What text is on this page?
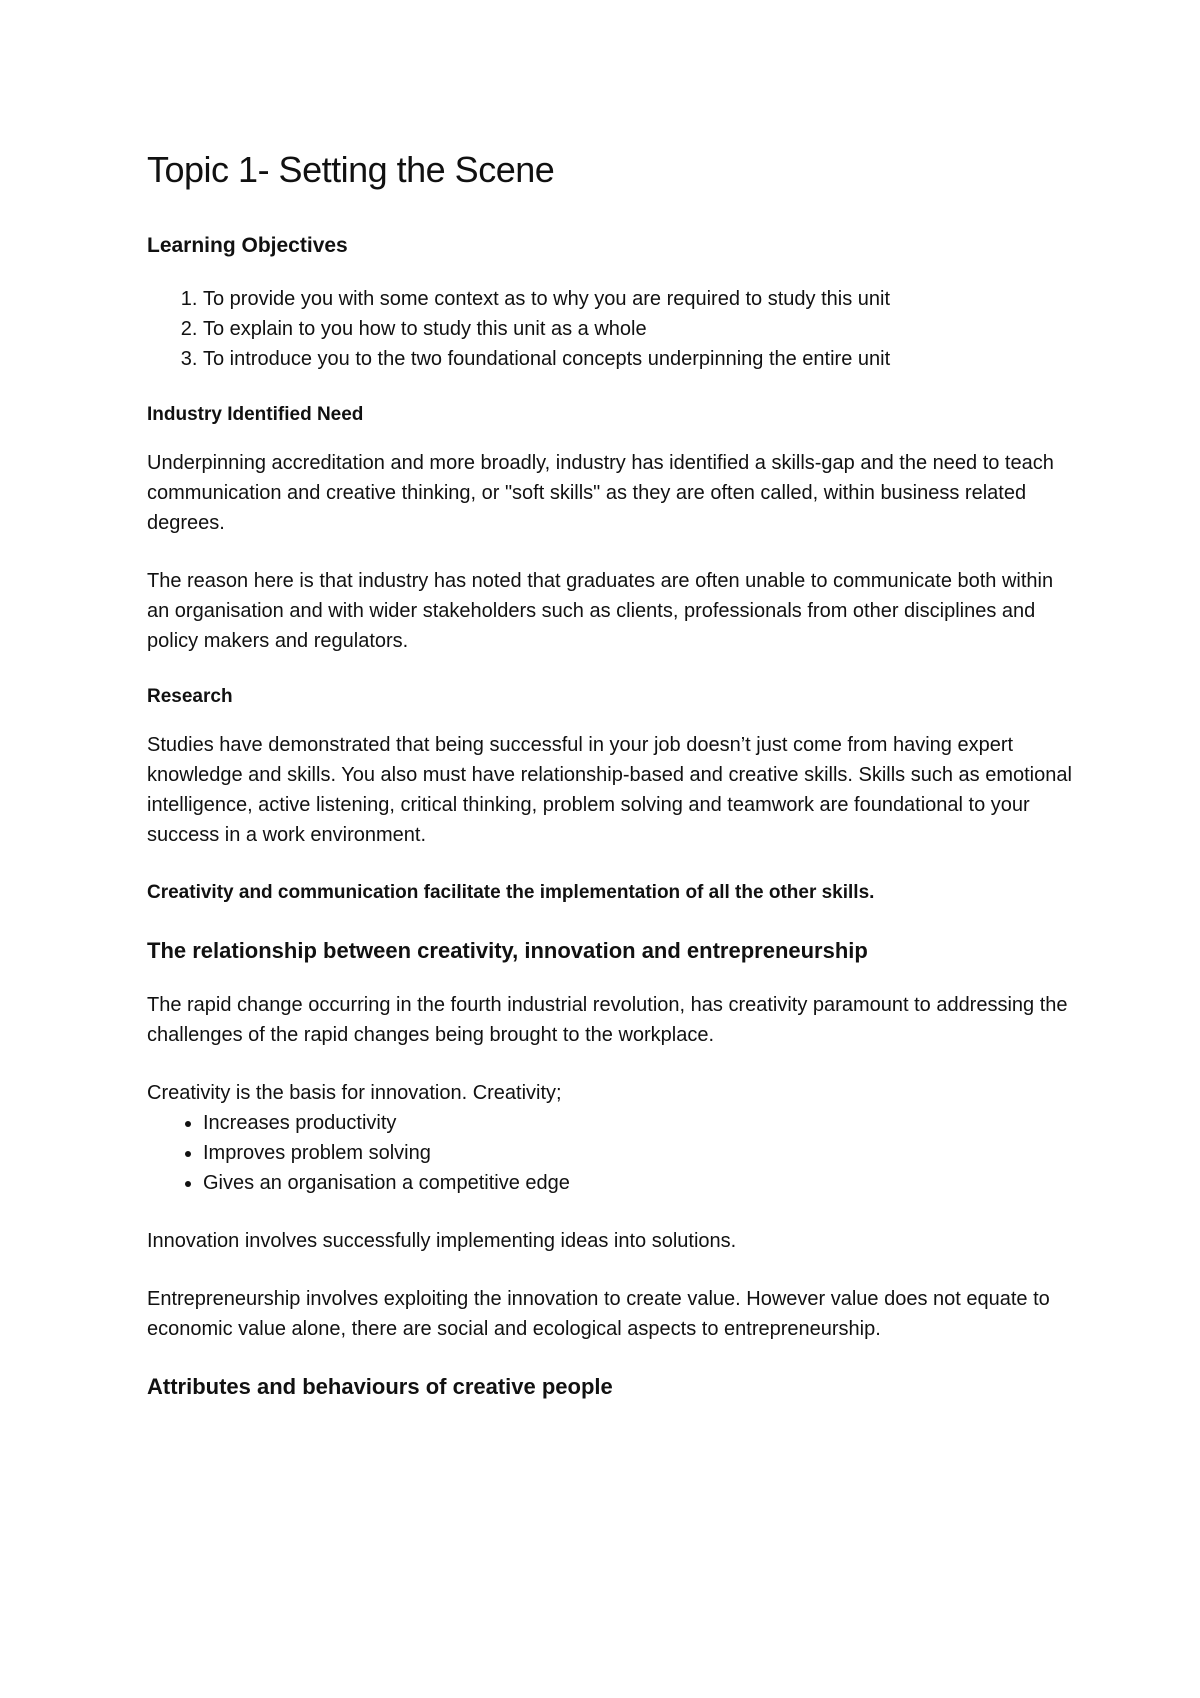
Topic 1- Setting the Scene
Learning Objectives
1. To provide you with some context as to why you are required to study this unit
2. To explain to you how to study this unit as a whole
3. To introduce you to the two foundational concepts underpinning the entire unit
Industry Identified Need

Underpinning accreditation and more broadly, industry has identified a skills-gap and the need to teach communication and creative thinking, or "soft skills" as they are often called, within business related degrees.

The reason here is that industry has noted that graduates are often unable to communicate both within an organisation and with wider stakeholders such as clients, professionals from other disciplines and policy makers and regulators.

Research

Studies have demonstrated that being successful in your job doesn’t just come from having expert knowledge and skills. You also must have relationship-based and creative skills. Skills such as emotional intelligence, active listening, critical thinking, problem solving and teamwork are foundational to your success in a work environment.

Creativity and communication facilitate the implementation of all the other skills.

The relationship between creativity, innovation and entrepreneurship

The rapid change occurring in the fourth industrial revolution, has creativity paramount to addressing the challenges of the rapid changes being brought to the workplace.

Creativity is the basis for innovation. Creativity;

• Increases productivity
• Improves problem solving
• Gives an organisation a competitive edge

Innovation involves successfully implementing ideas into solutions.

Entrepreneurship involves exploiting the innovation to create value. However value does not equate to economic value alone, there are social and ecological aspects to entrepreneurship.

Attributes and behaviours of creative people
